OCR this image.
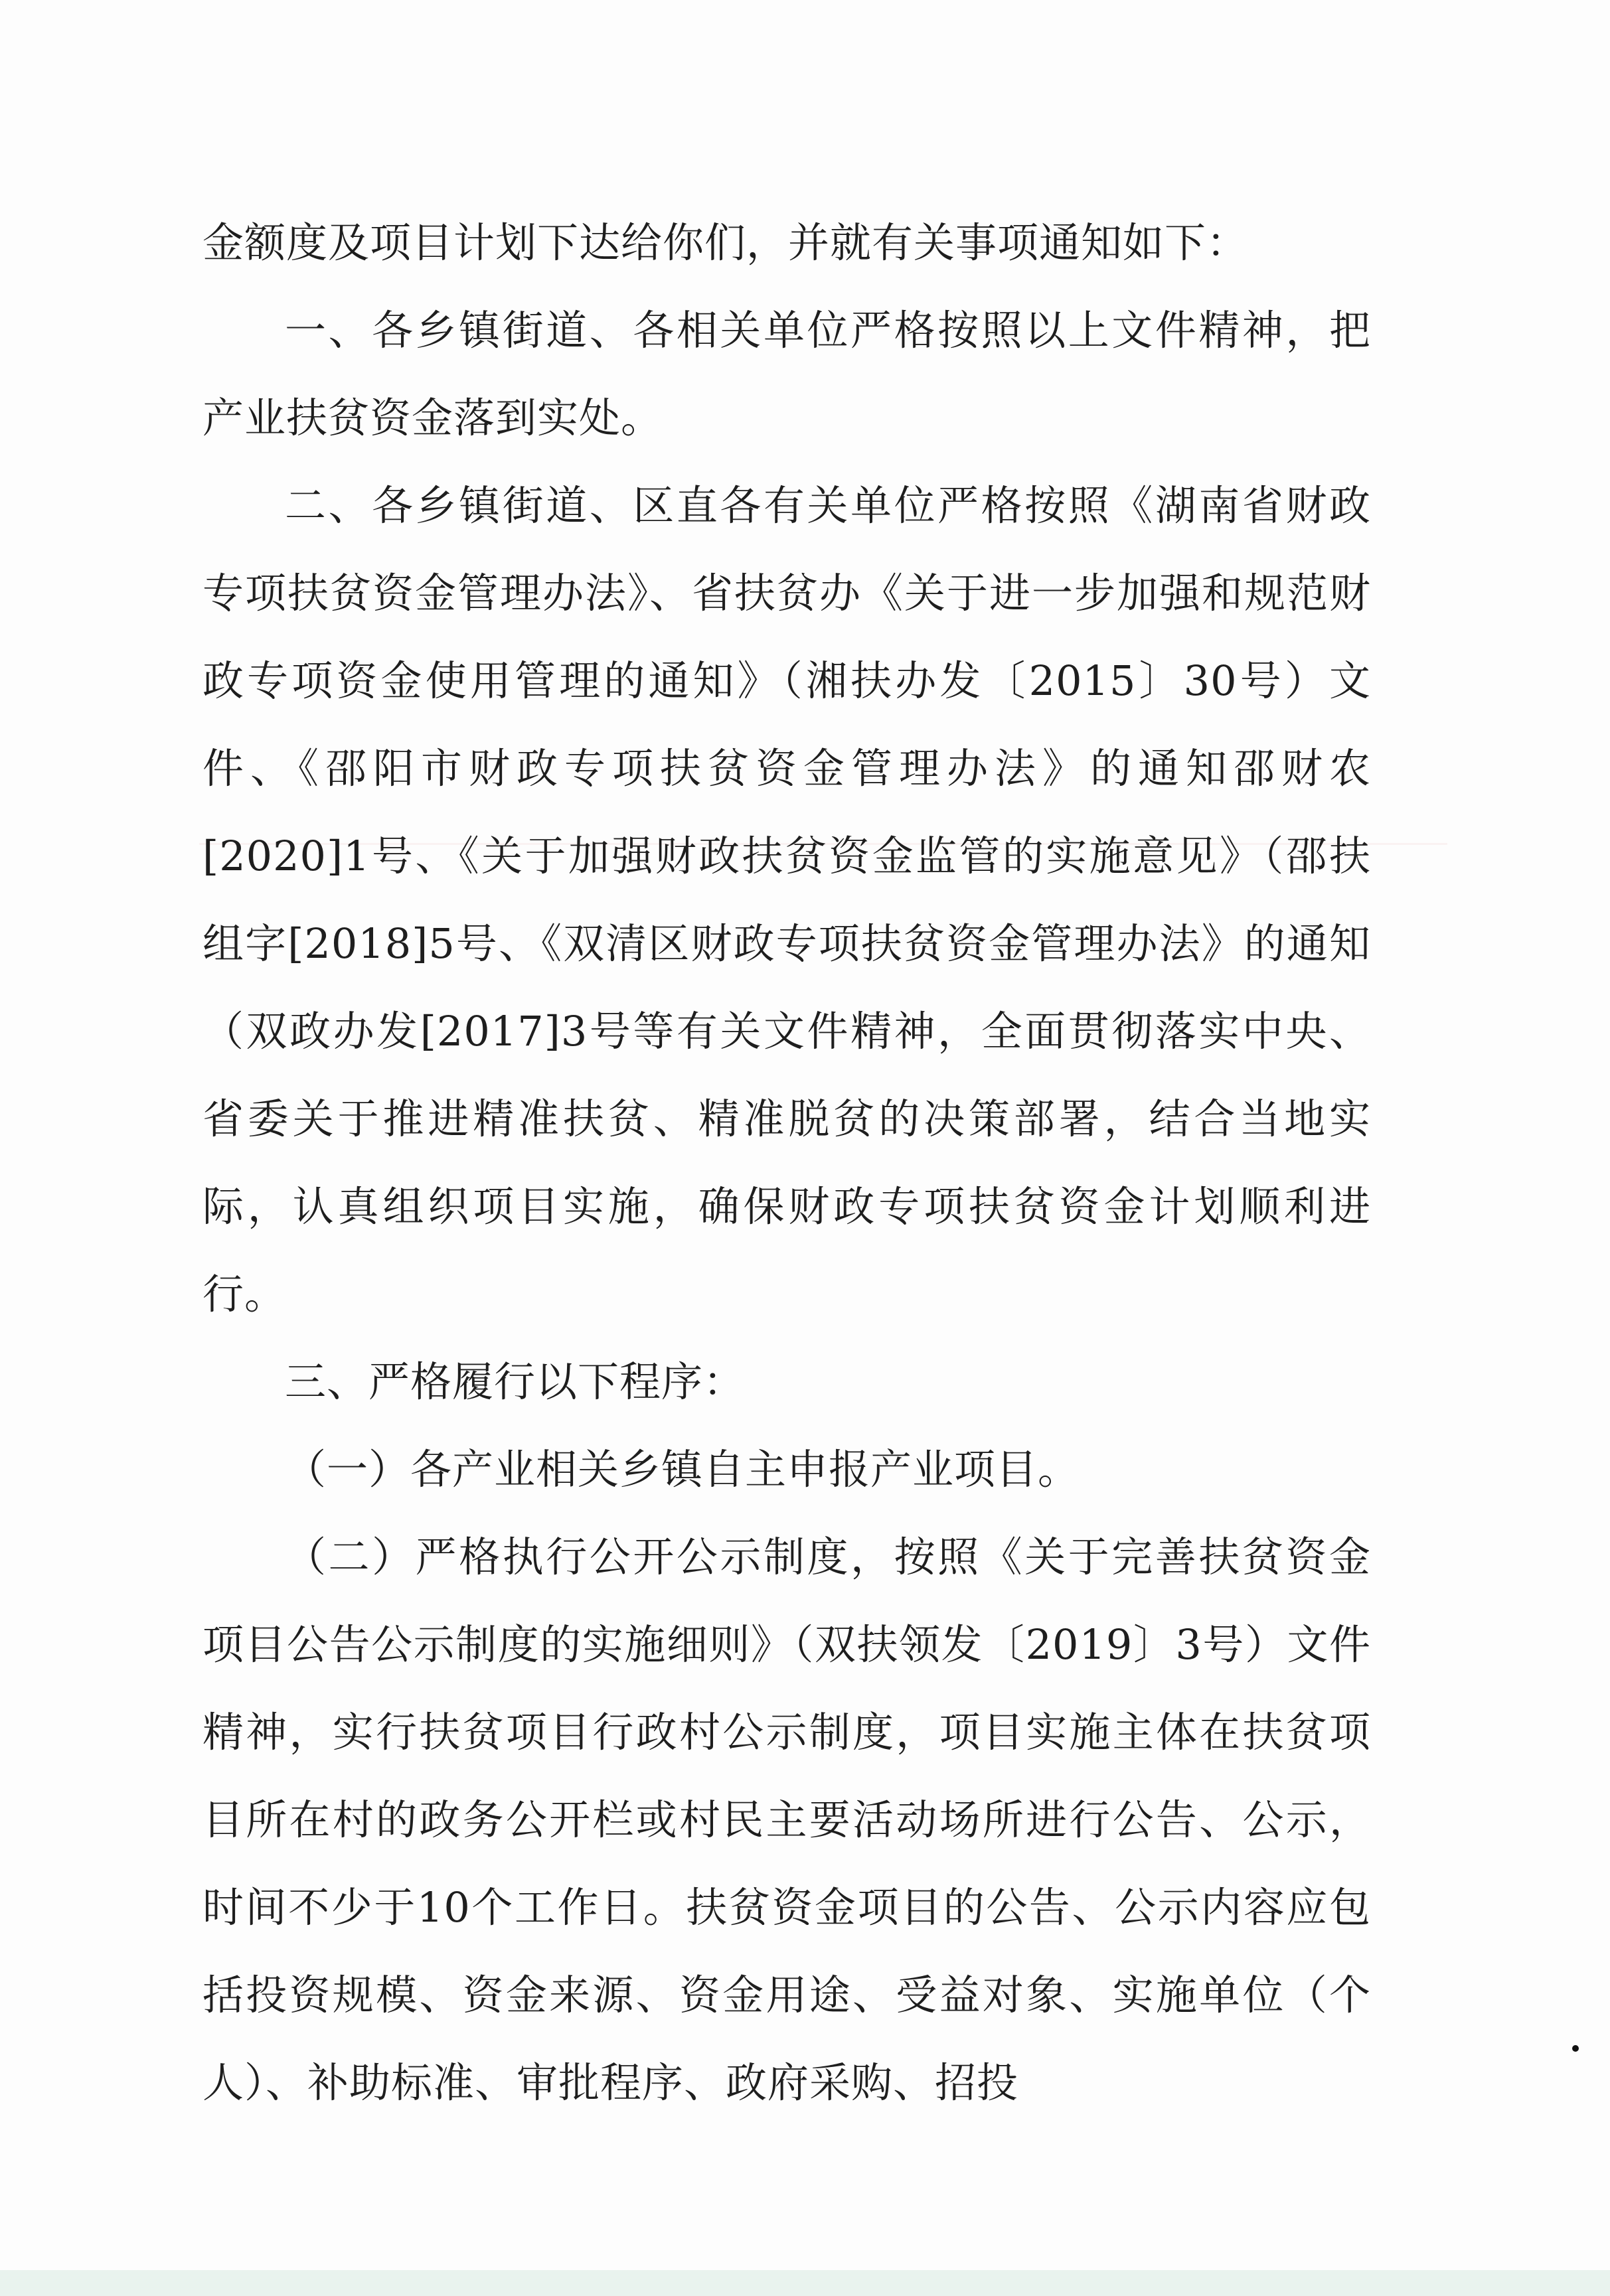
金额度及项目计划下达给你们，并就有关事项通知如下：

一、各乡镇街道、各相关单位严格按照以上文件精神，把产业扶贫资金落到实处。

二、各乡镇街道、区直各有关单位严格按照《湖南省财政专项扶贫资金管理办法》、省扶贫办《关于进一步加强和规范财政专项资金使用管理的通知》（湘扶办发〔2015〕30号）文件、《邵阳市财政专项扶贫资金管理办法》的通知邵财农[2020]1号、《关于加强财政扶贫资金监管的实施意见》（邵扶组字[2018]5号、《双清区财政专项扶贫资金管理办法》的通知（双政办发[2017]3号等有关文件精神，全面贯彻落实中央、省委关于推进精准扶贫、精准脱贫的决策部署，结合当地实际，认真组织项目实施，确保财政专项扶贫资金计划顺利进行。

三、严格履行以下程序：

（一）各产业相关乡镇自主申报产业项目。

（二）严格执行公开公示制度，按照《关于完善扶贫资金项目公告公示制度的实施细则》（双扶领发〔2019〕3号）文件精神，实行扶贫项目行政村公示制度，项目实施主体在扶贫项目所在村的政务公开栏或村民主要活动场所进行公告、公示，时间不少于10个工作日。扶贫资金项目的公告、公示内容应包括投资规模、资金来源、资金用途、受益对象、实施单位（个人）、补助标准、审批程序、政府采购、招投
